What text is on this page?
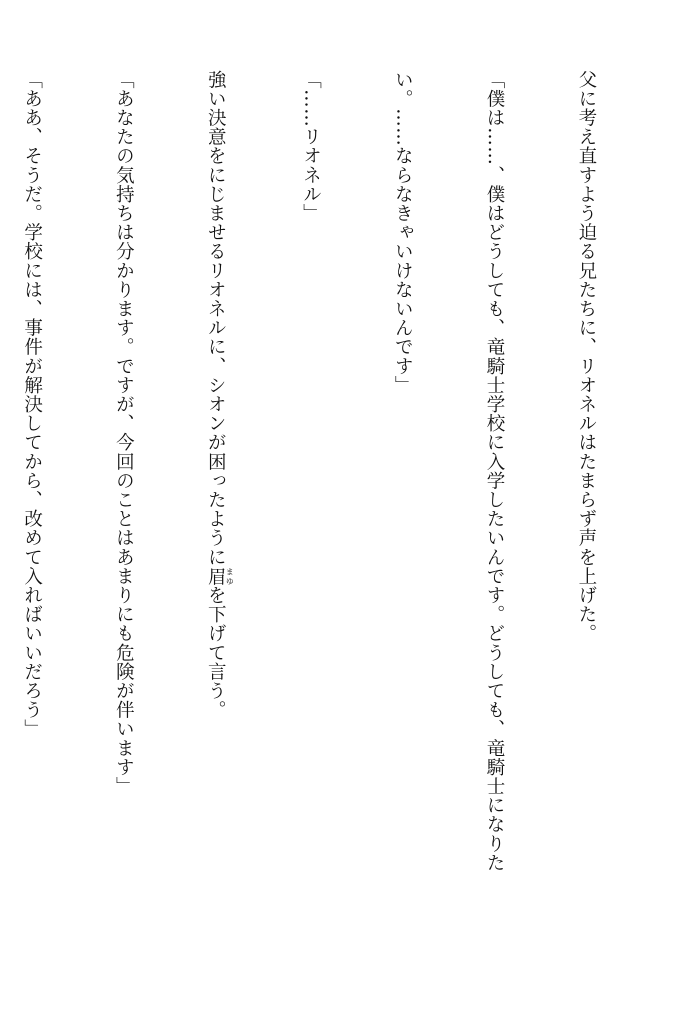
父に考え直すよう迫る兄たちに、リオネルはたまらず声を上げた。

「僕は……、僕はどうしても、竜騎士学校に入学したいんです。どうしても、竜騎士になりた

い。……ならなきゃいけないんです」

「……リオネル」

強い決意をにじませるリオネルに、シオンが困ったように眉 まゆを下げて言う。

「あなたの気持ちは分かります。ですが、今回のことはあまりにも危険が伴います」

「ああ、そうだ。学校には、事件が解決してから、改めて入ればいいだろう」
